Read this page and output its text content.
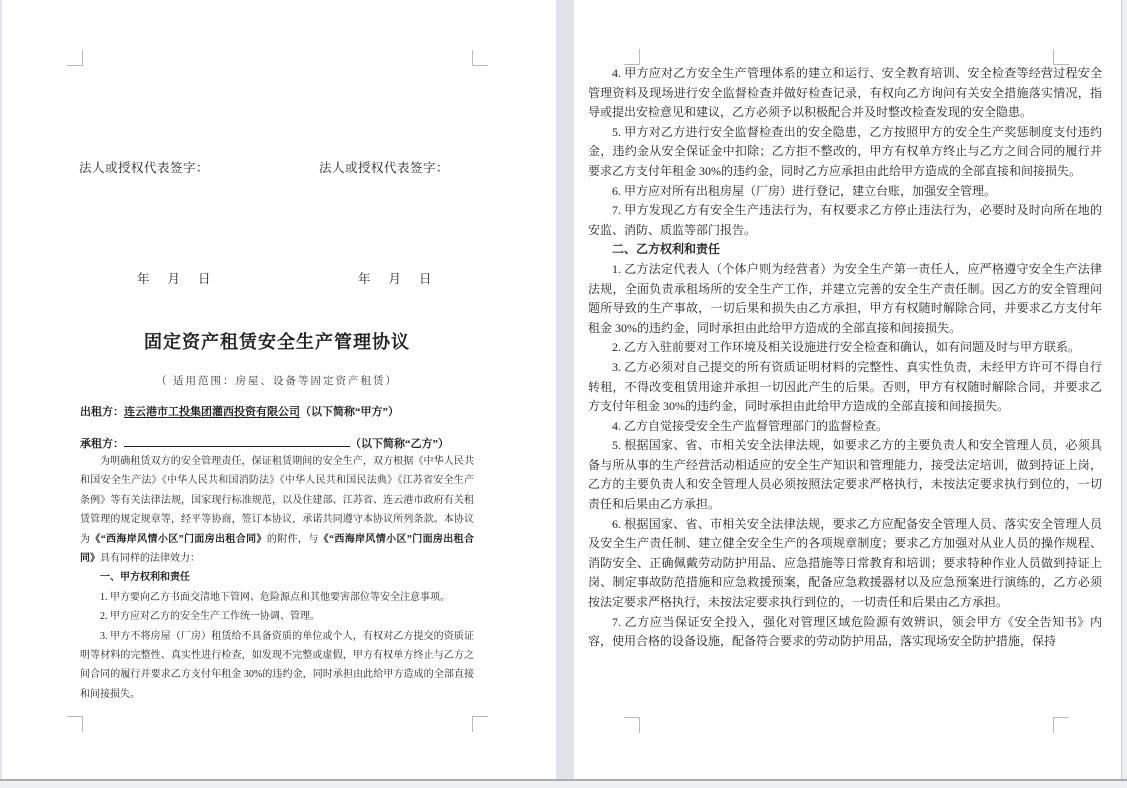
法人或授权代表签字：	法人或授权代表签字：
年 月 日	年 月 日
固定资产租赁安全生产管理协议
（ 适用范围：房屋、设备等固定资产租赁）
出租方：连云港市工投集团灌西投资有限公司（以下简称“甲方”）
承租方：	（以下简称“乙方”）

为明确租赁双方的安全管理责任，保证租赁期间的安全生产，双方根据《中华人民共和国安全生产法》《中华人民共和国消防法》《中华人民共和国民法典》《江苏省安全生产条例》等有关法律法规，国家现行标准规范，以及住建部、江苏省、连云港市政府有关租赁管理的规定规章等，经平等协商，签订本协议，承诺共同遵守本协议所列条款。本协议为《“西海岸风情小区”门面房出租合同》的附件，与《“西海岸风情小区”门面房出租合同》具有同样的法律效力：

一、甲方权利和责任

1. 甲方要向乙方书面交清地下管网、危险源点和其他要害部位等安全注意事项。

2. 甲方应对乙方的安全生产工作统一协调、管理。

3. 甲方不将房屋（厂房）租赁给不具备资质的单位或个人，有权对乙方提交的资质证明等材料的完整性、真实性进行检查，如发现不完整或虚假，甲方有权单方终止与乙方之间合同的履行并要求乙方支付年租金 30%的违约金，同时承担由此给甲方造成的全部直接和间接损失。

4. 甲方应对乙方安全生产管理体系的建立和运行、安全教育培训、安全检查等经营过程安全管理资料及现场进行安全监督检查并做好检查记录，有权向乙方询问有关安全措施落实情况，指导或提出安检意见和建议，乙方必须予以积极配合并及时整改检查发现的安全隐患。

5. 甲方对乙方进行安全监督检查出的安全隐患，乙方按照甲方的安全生产奖惩制度支付违约金，违约金从安全保证金中扣除；乙方拒不整改的，甲方有权单方终止与乙方之间合同的履行并要求乙方支付年租金 30%的违约金，同时乙方应承担由此给甲方造成的全部直接和间接损失。

6. 甲方应对所有出租房屋（厂房）进行登记，建立台账，加强安全管理。

7. 甲方发现乙方有安全生产违法行为，有权要求乙方停止违法行为，必要时及时向所在地的安监、消防、质监等部门报告。

二、乙方权利和责任

1. 乙方法定代表人（个体户则为经营者）为安全生产第一责任人，应严格遵守安全生产法律法规，全面负责承租场所的安全生产工作，并建立完善的安全生产责任制。因乙方的安全管理问题所导致的生产事故，一切后果和损失由乙方承担，甲方有权随时解除合同，并要求乙方支付年租金 30%的违约金，同时承担由此给甲方造成的全部直接和间接损失。

2. 乙方入驻前要对工作环境及相关设施进行安全检查和确认，如有问题及时与甲方联系。

3. 乙方必须对自己提交的所有资质证明材料的完整性、真实性负责，未经甲方许可不得自行转租，不得改变租赁用途并承担一切因此产生的后果。否则，甲方有权随时解除合同，并要求乙方支付年租金 30%的违约金，同时承担由此给甲方造成的全部直接和间接损失。

4. 乙方自觉接受安全生产监督管理部门的监督检查。

5. 根据国家、省、市相关安全法律法规，如要求乙方的主要负责人和安全管理人员，必须具备与所从事的生产经营活动相适应的安全生产知识和管理能力，接受法定培训，做到持证上岗，乙方的主要负责人和安全管理人员必须按照法定要求严格执行，未按法定要求执行到位的，一切责任和后果由乙方承担。

6. 根据国家、省、市相关安全法律法规，要求乙方应配备安全管理人员、落实安全管理人员及安全生产责任制、建立健全安全生产的各项规章制度；要求乙方加强对从业人员的操作规程、消防安全、正确佩戴劳动防护用品、应急措施等日常教育和培训；要求特种作业人员做到持证上岗、制定事故防范措施和应急救援预案，配备应急救援器材以及应急预案进行演练的，乙方必须按法定要求严格执行，未按法定要求执行到位的，一切责任和后果由乙方承担。

7. 乙方应当保证安全投入，强化对管理区域危险源有效辨识，领会甲方《安全告知书》内容，使用合格的设备设施，配备符合要求的劳动防护用品，落实现场安全防护措施，保持
